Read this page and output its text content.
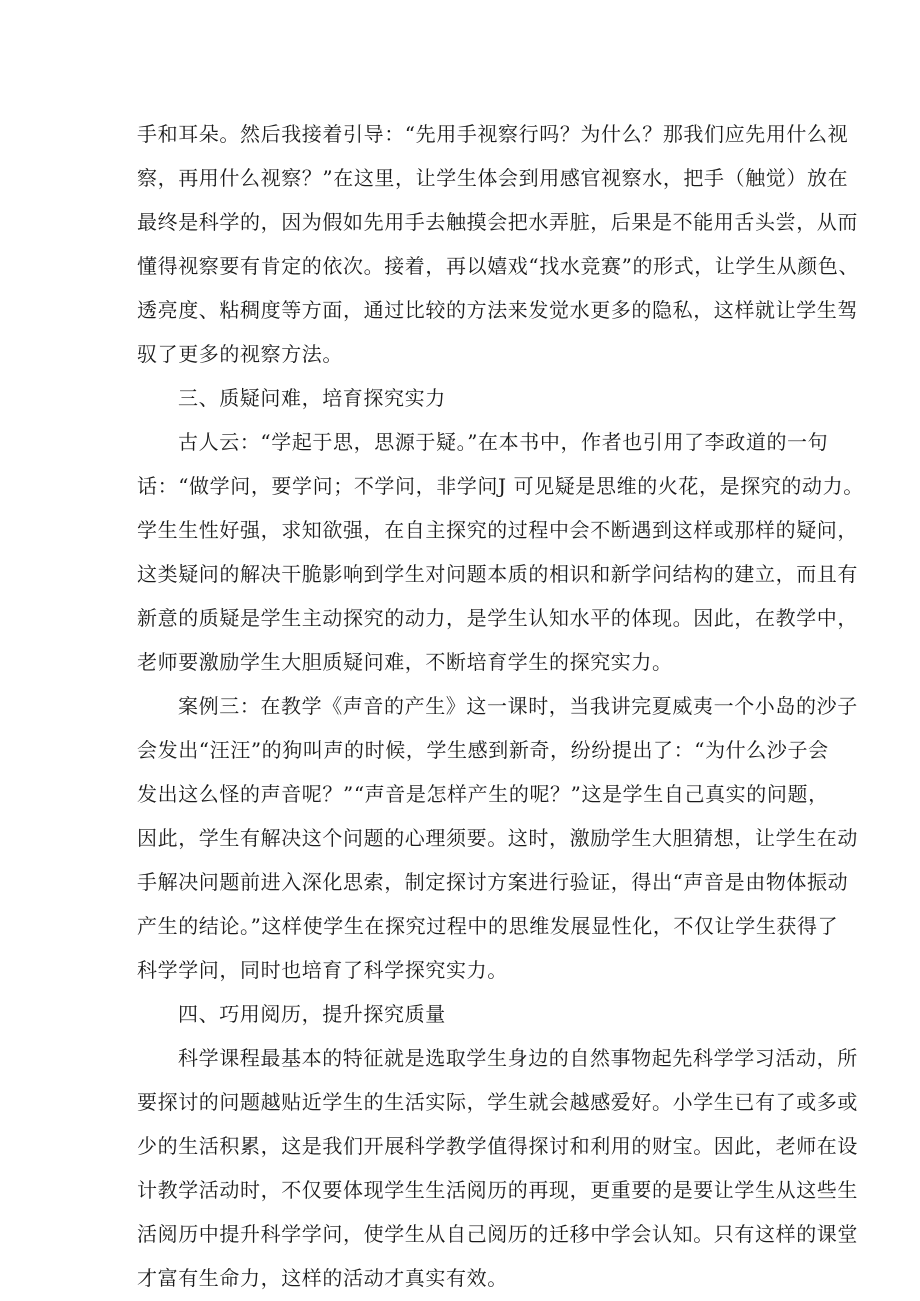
手和耳朵。然后我接着引导：“先用手视察行吗？为什么？那我们应先用什么视
察，再用什么视察？”在这里，让学生体会到用感官视察水，把手（触觉）放在
最终是科学的，因为假如先用手去触摸会把水弄脏，后果是不能用舌头尝，从而
懂得视察要有肯定的依次。接着，再以嬉戏“找水竞赛”的形式，让学生从颜色、
透亮度、粘稠度等方面，通过比较的方法来发觉水更多的隐私，这样就让学生驾
驭了更多的视察方法。
三、质疑问难，培育探究实力
古人云：“学起于思，思源于疑。”在本书中，作者也引用了李政道的一句
话：“做学问，要学问；不学问，非学问J 可见疑是思维的火花，是探究的动力。
学生生性好强，求知欲强，在自主探究的过程中会不断遇到这样或那样的疑问，
这类疑问的解决干脆影响到学生对问题本质的相识和新学问结构的建立，而且有
新意的质疑是学生主动探究的动力，是学生认知水平的体现。因此，在教学中，
老师要激励学生大胆质疑问难，不断培育学生的探究实力。
案例三：在教学《声音的产生》这一课时，当我讲完夏威夷一个小岛的沙子
会发出“汪汪”的狗叫声的时候，学生感到新奇，纷纷提出了：“为什么沙子会
发出这么怪的声音呢？”“声音是怎样产生的呢？”这是学生自己真实的问题，
因此，学生有解决这个问题的心理须要。这时，激励学生大胆猜想，让学生在动
手解决问题前进入深化思索，制定探讨方案进行验证，得出“声音是由物体振动
产生的结论。”这样使学生在探究过程中的思维发展显性化，不仅让学生获得了
科学学问，同时也培育了科学探究实力。
四、巧用阅历，提升探究质量
科学课程最基本的特征就是选取学生身边的自然事物起先科学学习活动，所
要探讨的问题越贴近学生的生活实际，学生就会越感爱好。小学生已有了或多或
少的生活积累，这是我们开展科学教学值得探讨和利用的财宝。因此，老师在设
计教学活动时，不仅要体现学生生活阅历的再现，更重要的是要让学生从这些生
活阅历中提升科学学问，使学生从自己阅历的迁移中学会认知。只有这样的课堂
才富有生命力，这样的活动才真实有效。
